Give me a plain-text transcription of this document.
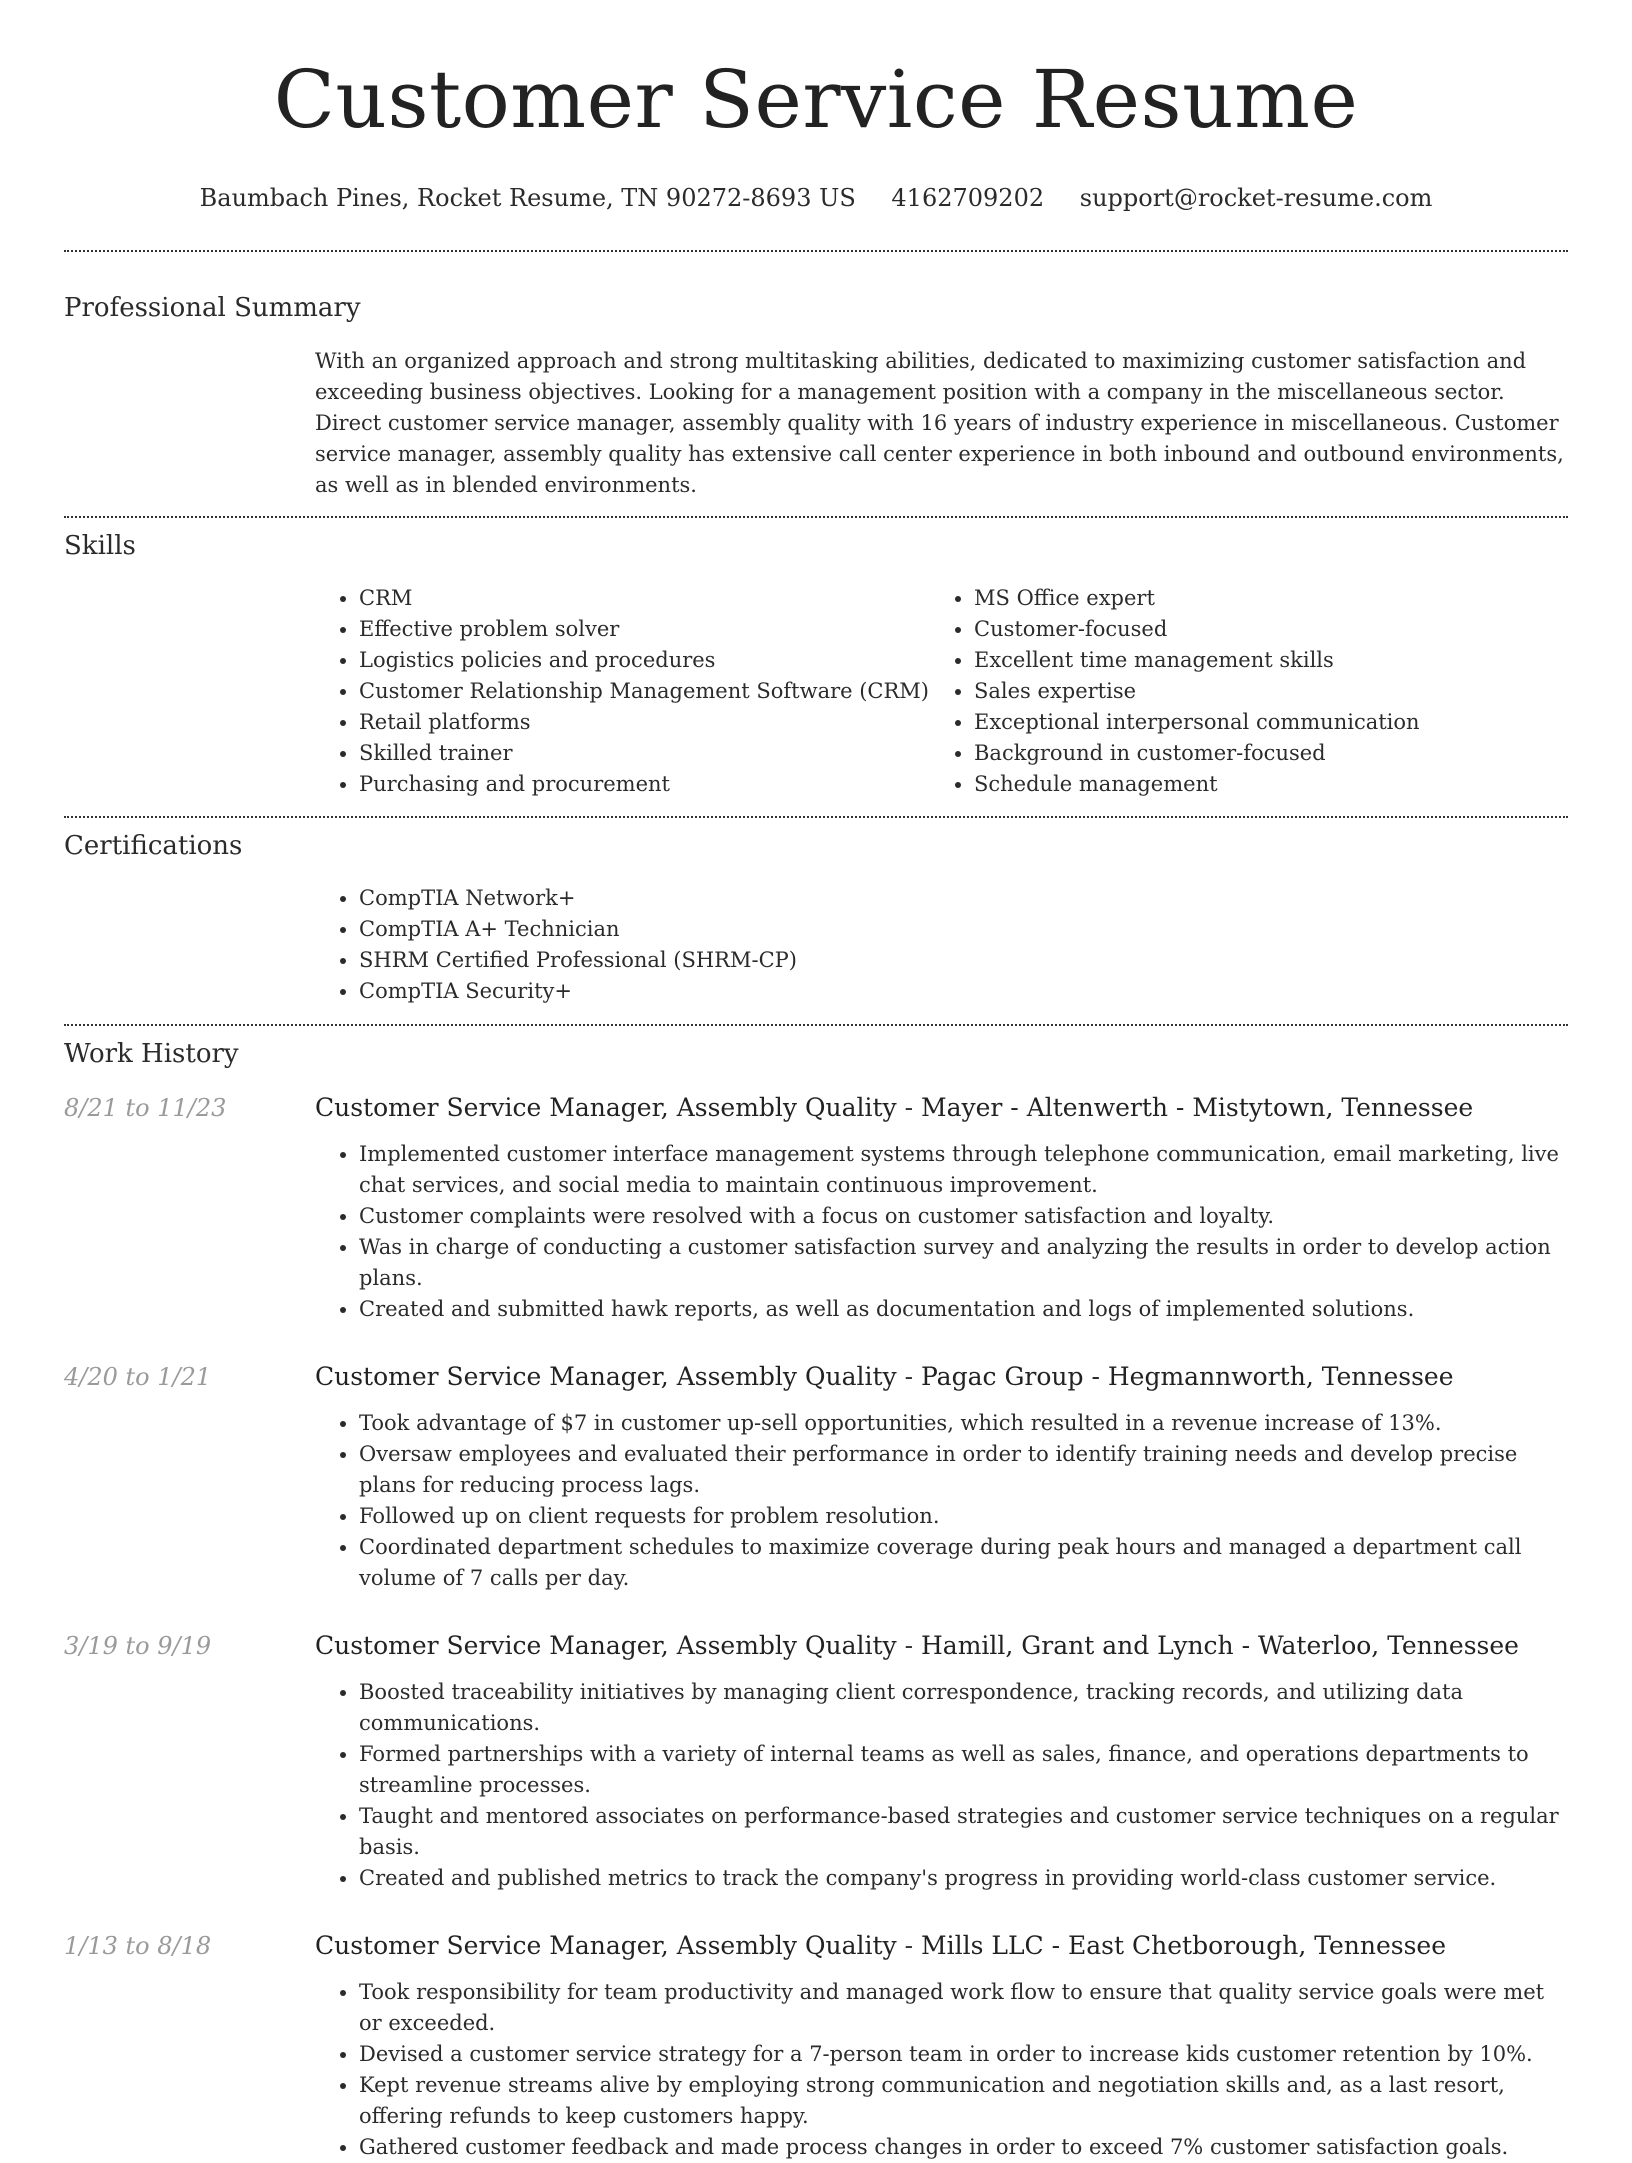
Customer Service Resume
Baumbach Pines, Rocket Resume, TN 90272-8693 US 4162709202 support@rocket-resume.com
Professional Summary

With an organized approach and strong multitasking abilities, dedicated to maximizing customer satisfaction and exceeding business objectives. Looking for a management position with a company in the miscellaneous sector. Direct customer service manager, assembly quality with 16 years of industry experience in miscellaneous. Customer service manager, assembly quality has extensive call center experience in both inbound and outbound environments, as well as in blended environments.

Skills
• CRM
• Effective problem solver
• Logistics policies and procedures
• Customer Relationship Management Software (CRM)
• Retail platforms
• Skilled trainer
• Purchasing and procurement
• MS Office expert
• Customer-focused
• Excellent time management skills
• Sales expertise
• Exceptional interpersonal communication
• Background in customer-focused
• Schedule management
Certifications
• CompTIA Network+
• CompTIA A+ Technician
• SHRM Certified Professional (SHRM-CP)
• CompTIA Security+
Work History
8/21 to 11/23	Customer Service Manager, Assembly Quality - Mayer - Altenwerth - Mistytown, Tennessee
• Implemented customer interface management systems through telephone communication, email marketing, live chat services, and social media to maintain continuous improvement.
• Customer complaints were resolved with a focus on customer satisfaction and loyalty.
• Was in charge of conducting a customer satisfaction survey and analyzing the results in order to develop action plans.
• Created and submitted hawk reports, as well as documentation and logs of implemented solutions.
4/20 to 1/21	Customer Service Manager, Assembly Quality - Pagac Group - Hegmannworth, Tennessee
• Took advantage of $7 in customer up-sell opportunities, which resulted in a revenue increase of 13%.
• Oversaw employees and evaluated their performance in order to identify training needs and develop precise plans for reducing process lags.
• Followed up on client requests for problem resolution.
• Coordinated department schedules to maximize coverage during peak hours and managed a department call volume of 7 calls per day.
3/19 to 9/19	Customer Service Manager, Assembly Quality - Hamill, Grant and Lynch - Waterloo, Tennessee
• Boosted traceability initiatives by managing client correspondence, tracking records, and utilizing data communications.
• Formed partnerships with a variety of internal teams as well as sales, finance, and operations departments to streamline processes.
• Taught and mentored associates on performance-based strategies and customer service techniques on a regular basis.
• Created and published metrics to track the company's progress in providing world-class customer service.
1/13 to 8/18	Customer Service Manager, Assembly Quality - Mills LLC - East Chetborough, Tennessee
• Took responsibility for team productivity and managed work flow to ensure that quality service goals were met or exceeded.
• Devised a customer service strategy for a 7-person team in order to increase kids customer retention by 10%.
• Kept revenue streams alive by employing strong communication and negotiation skills and, as a last resort, offering refunds to keep customers happy.
• Gathered customer feedback and made process changes in order to exceed 7% customer satisfaction goals.
